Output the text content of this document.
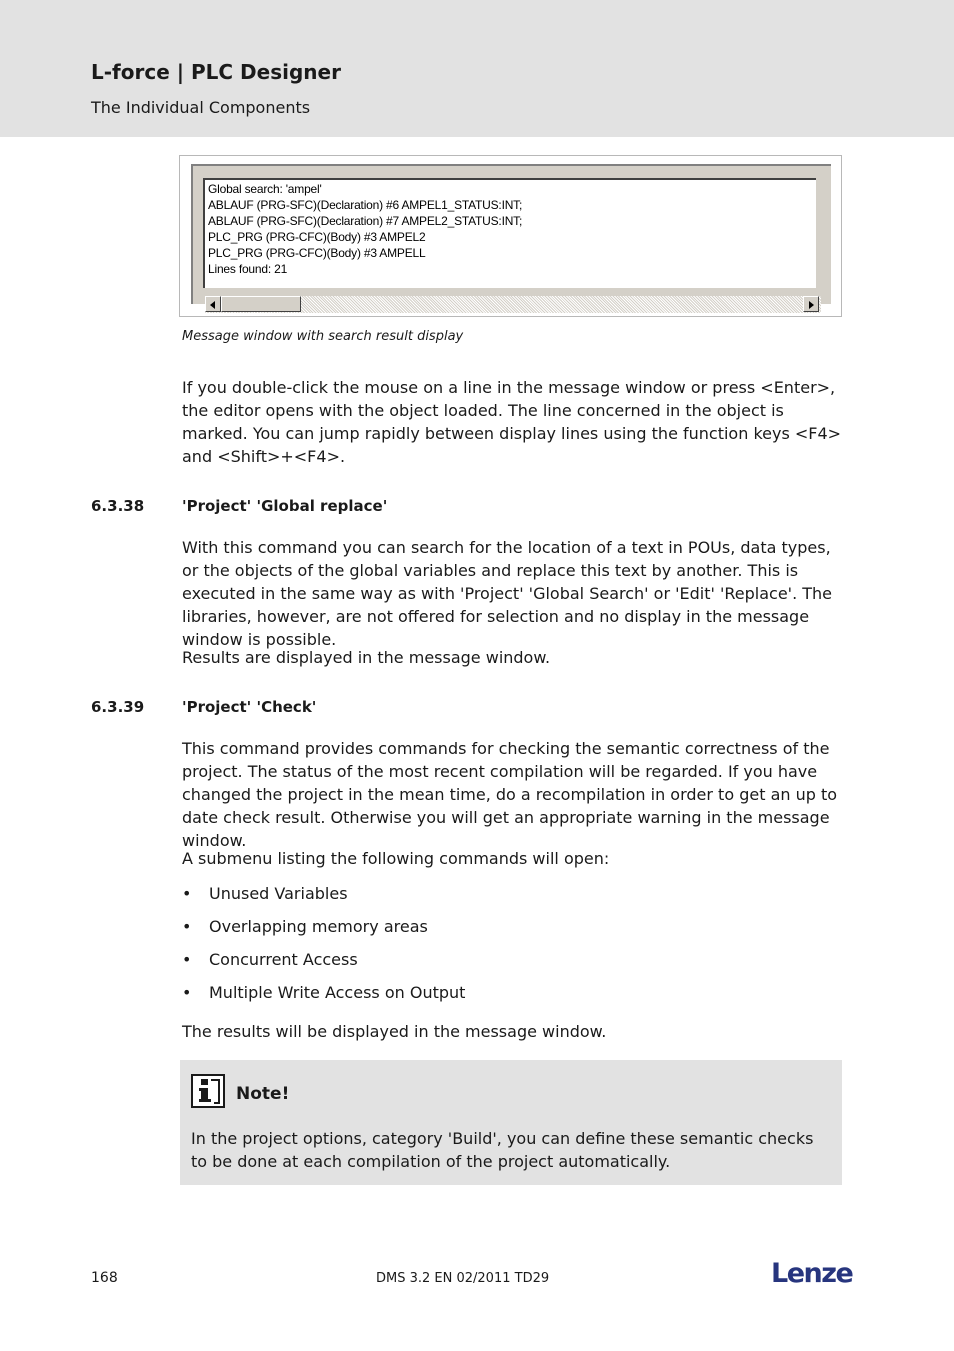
L-force | PLC Designer
The Individual Components
Global search: 'ampel'
ABLAUF (PRG-SFC)(Declaration) #6 AMPEL1_STATUS:INT;
ABLAUF (PRG-SFC)(Declaration) #7 AMPEL2_STATUS:INT;
PLC_PRG (PRG-CFC)(Body) #3 AMPEL2
PLC_PRG (PRG-CFC)(Body) #3 AMPELL
Lines found: 21
Message window with search result display

If you double-click the mouse on a line in the message window or press <Enter>, the editor opens with the object loaded. The line concerned in the object is marked. You can jump rapidly between display lines using the function keys <F4> and <Shift>+<F4>.

6.3.38	'Project' 'Global replace'

With this command you can search for the location of a text in POUs, data types, or the objects of the global variables and replace this text by another. This is executed in the same way as with 'Project' 'Global Search' or 'Edit' 'Replace'. The libraries, however, are not offered for selection and no display in the message window is possible.

Results are displayed in the message window.

6.3.39	'Project' 'Check'

This command provides commands for checking the semantic correctness of the project. The status of the most recent compilation will be regarded. If you have changed the project in the mean time, do a recompilation in order to get an up to date check result. Otherwise you will get an appropriate warning in the message window.

A submenu listing the following commands will open:

• Unused Variables
• Overlapping memory areas
• Concurrent Access
• Multiple Write Access on Output

The results will be displayed in the message window.

Note!

In the project options, category 'Build', you can define these semantic checks to be done at each compilation of the project automatically.

168	DMS 3.2 EN 02/2011 TD29	Lenze
